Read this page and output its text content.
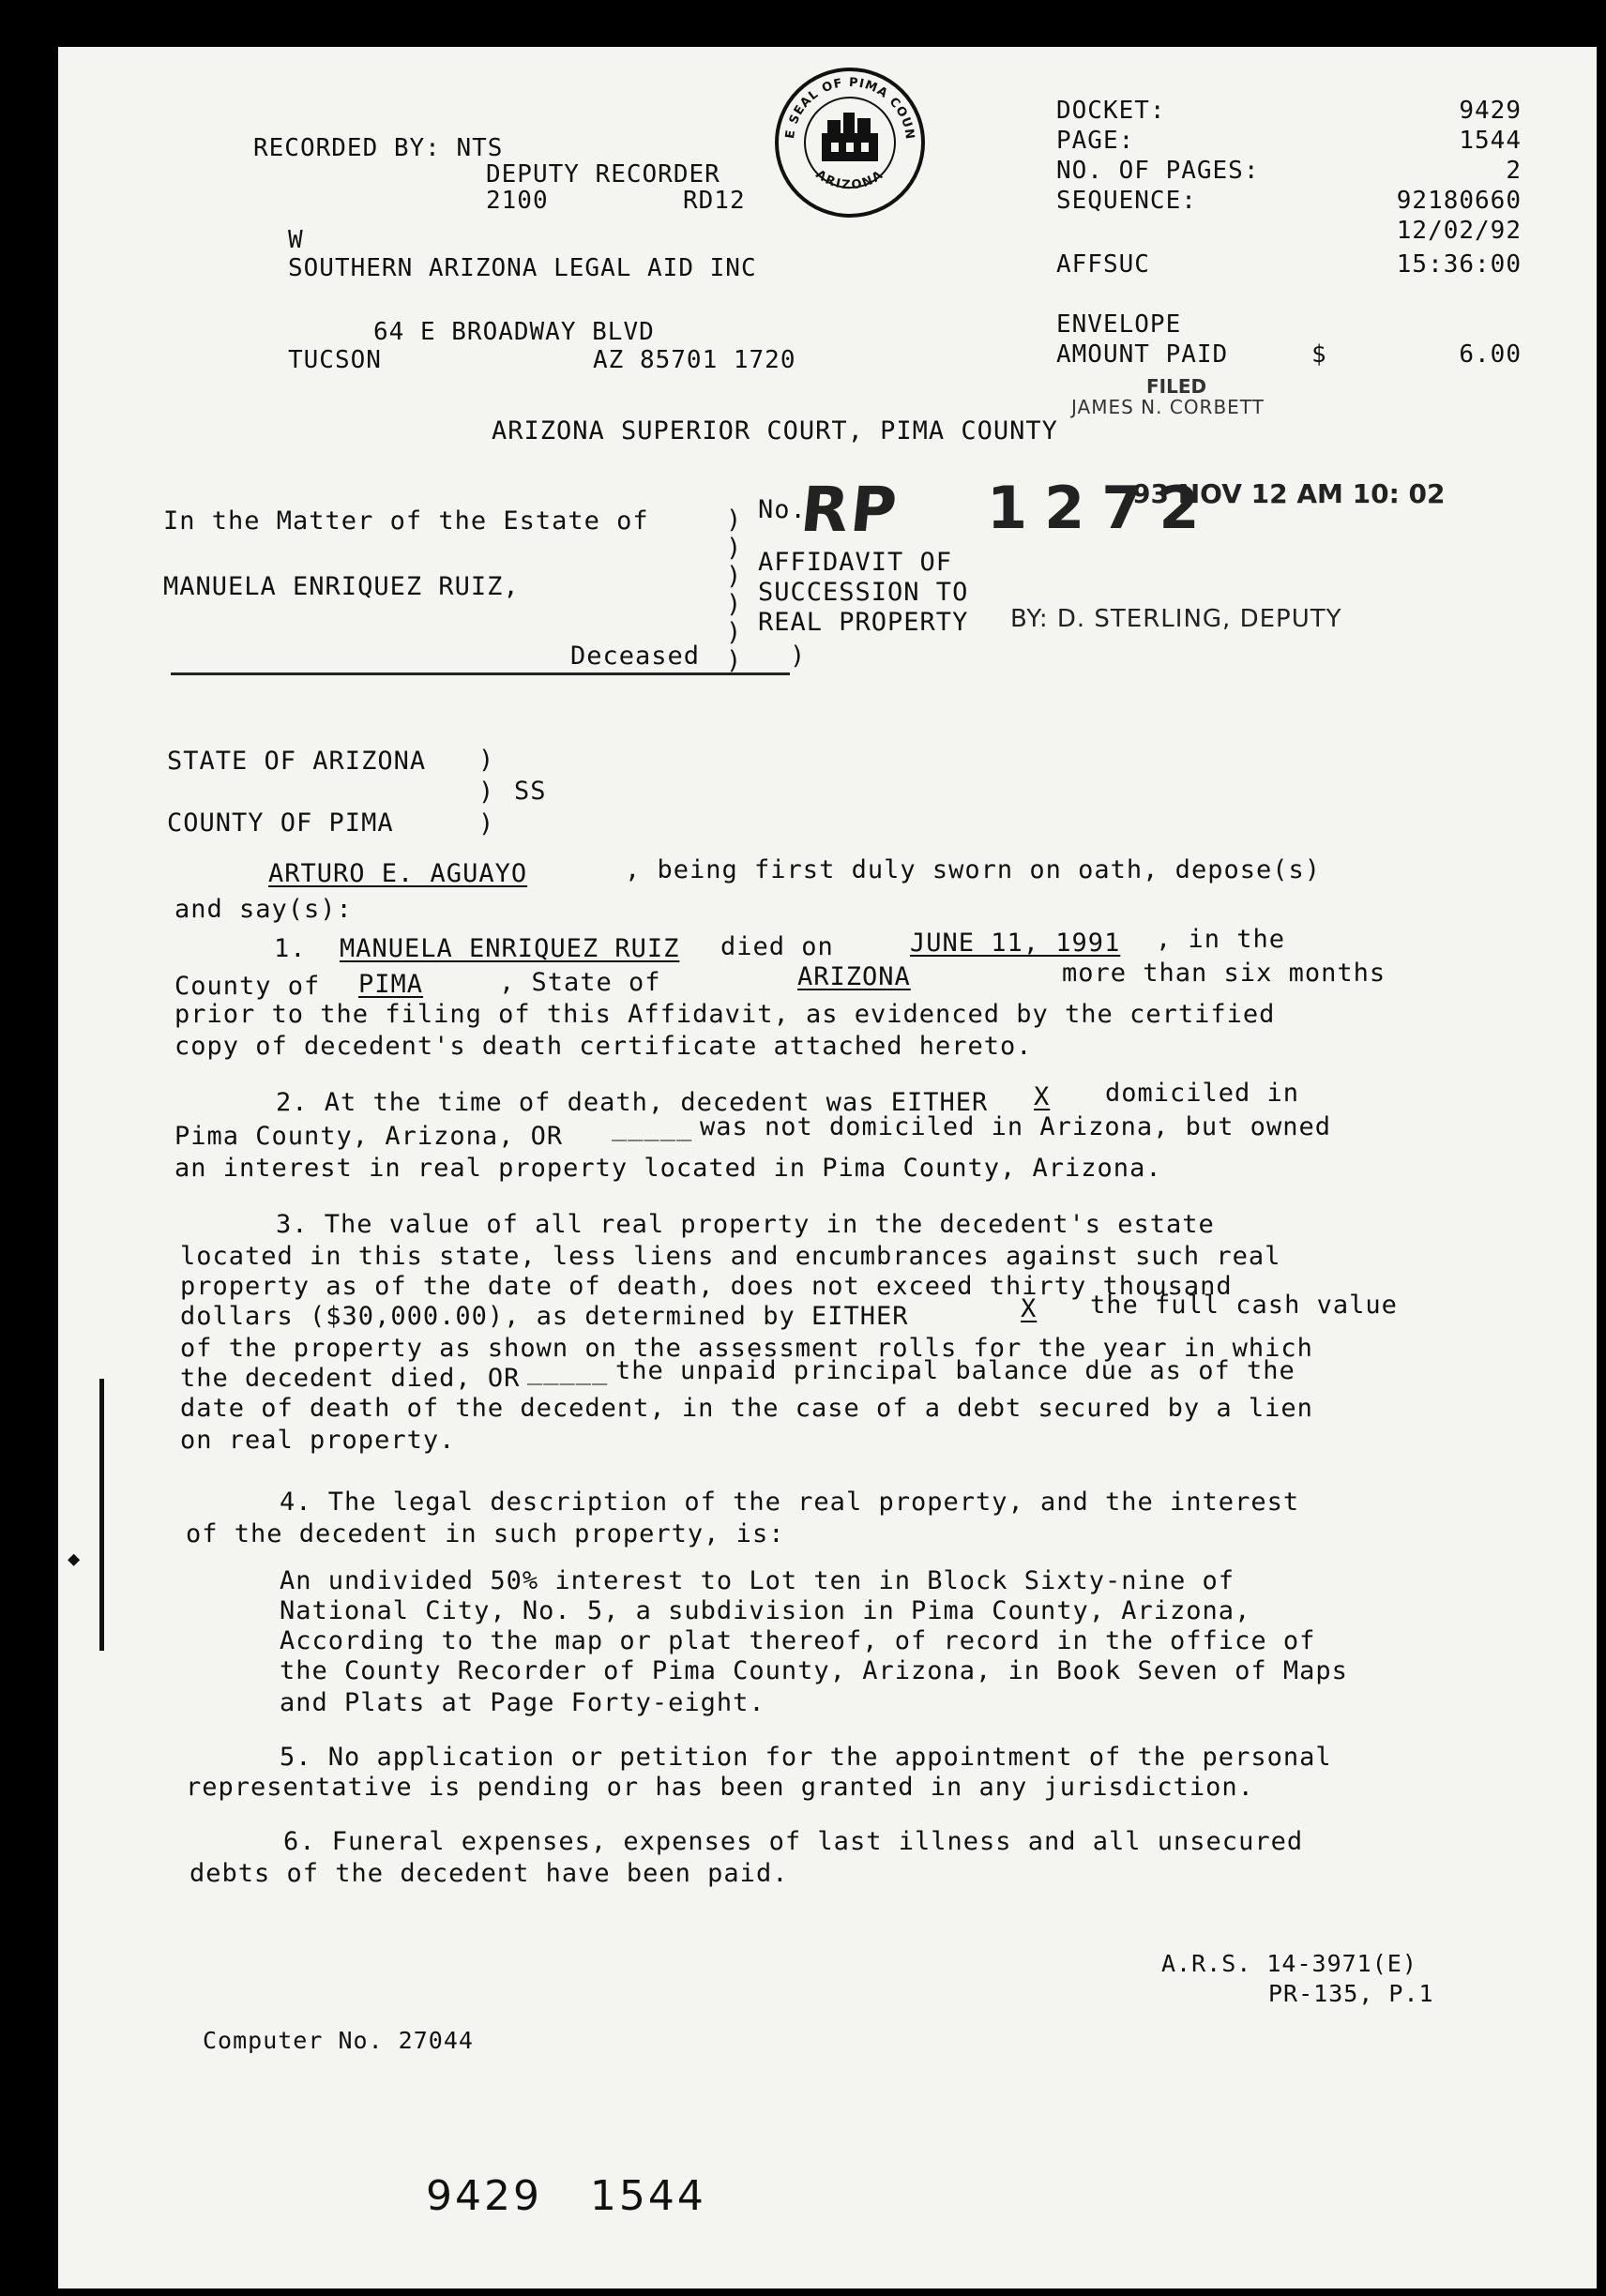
RECORDED BY: NTS
DEPUTY RECORDER
2100	RD12
W
SOUTHERN ARIZONA LEGAL AID INC
64 E BROADWAY BLVD
TUCSON	AZ 85701 1720
E SEAL OF PIMA COUN
ARIZONA
DOCKET:	9429
PAGE:	1544
NO. OF PAGES:	2
SEQUENCE:	92180660
12/02/92
AFFSUC	15:36:00
ENVELOPE
AMOUNT PAID	$	6.00
FILED
JAMES N. CORBETT
ARIZONA SUPERIOR COURT, PIMA COUNTY
In the Matter of the Estate of
MANUELA ENRIQUEZ RUIZ,
Deceased
)
)
)
)
)
) )
No.
RP 1272
93 NOV 12 AM 10: 02
AFFIDAVIT OF
SUCCESSION TO
REAL PROPERTY BY: D. STERLING, DEPUTY
STATE OF ARIZONA )
)
)
SS
COUNTY OF PIMA
ARTURO E. AGUAYO	, being first duly sworn on oath, depose(s)
and say(s):
1. MANUELA ENRIQUEZ RUIZ died on	JUNE 11, 1991 , in the
County of PIMA	, State of	ARIZONA	more than six months
prior to the filing of this Affidavit, as evidenced by the certified
copy of decedent's death certificate attached hereto.
2. At the time of death, decedent was EITHER X domiciled in
Pima County, Arizona, OR _____ was not domiciled in Arizona, but owned
an interest in real property located in Pima County, Arizona.
3. The value of all real property in the decedent's estate
located in this state, less liens and encumbrances against such real
property as of the date of death, does not exceed thirty thousand
dollars ($30,000.00), as determined by EITHER	X the full cash value
of the property as shown on the assessment rolls for the year in which
the decedent died, OR _____ the unpaid principal balance due as of the
date of death of the decedent, in the case of a debt secured by a lien
on real property.
4. The legal description of the real property, and the interest
of the decedent in such property, is:
An undivided 50% interest to Lot ten in Block Sixty-nine of
National City, No. 5, a subdivision in Pima County, Arizona,
According to the map or plat thereof, of record in the office of
the County Recorder of Pima County, Arizona, in Book Seven of Maps
and Plats at Page Forty-eight.
5. No application or petition for the appointment of the personal
representative is pending or has been granted in any jurisdiction.
6. Funeral expenses, expenses of last illness and all unsecured
debts of the decedent have been paid.
A.R.S. 14-3971(E)
PR-135, P.1
Computer No. 27044
9429   1544
◆
